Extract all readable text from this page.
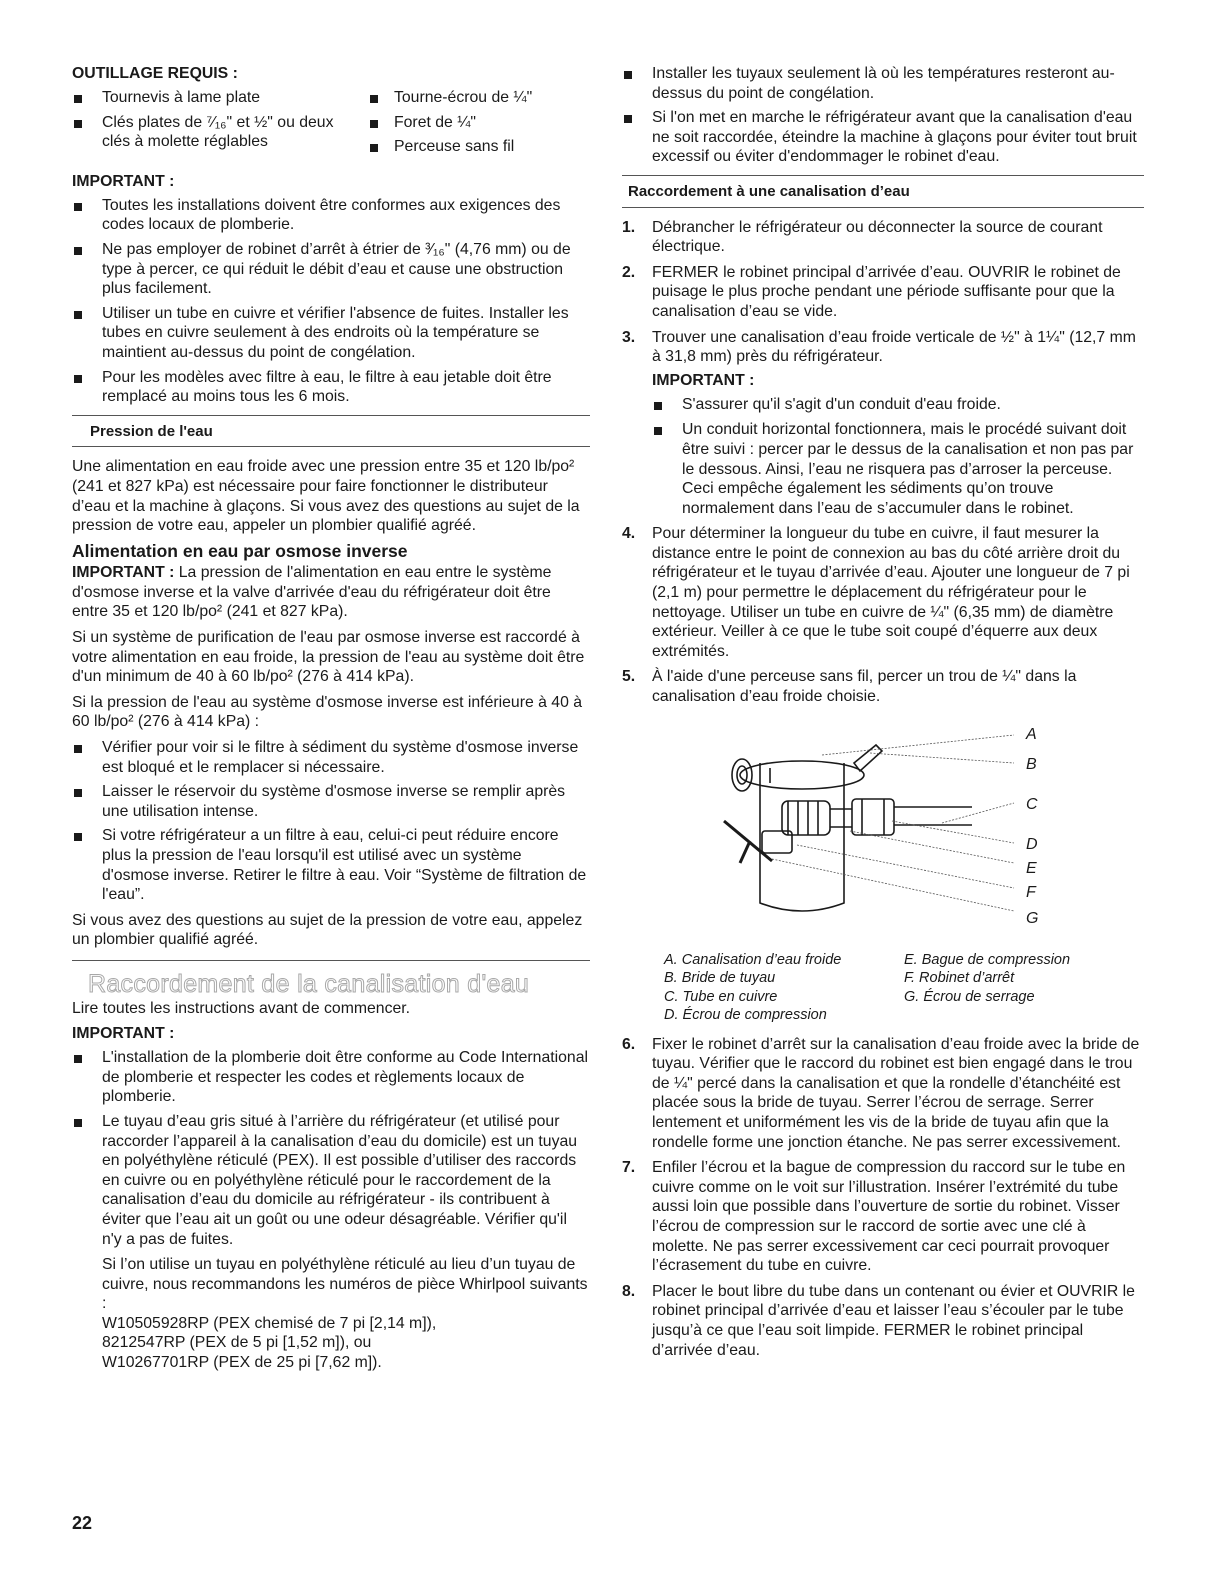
OUTILLAGE REQUIS :
Tournevis à lame plate
Clés plates de ⁷⁄₁₆" et ½" ou deux clés à molette réglables
Tourne-écrou de ¼"
Foret de ¼"
Perceuse sans fil
IMPORTANT :
Toutes les installations doivent être conformes aux exigences des codes locaux de plomberie.
Ne pas employer de robinet d’arrêt à étrier de ³⁄₁₆" (4,76 mm) ou de type à percer, ce qui réduit le débit d’eau et cause une obstruction plus facilement.
Utiliser un tube en cuivre et vérifier l'absence de fuites. Installer les tubes en cuivre seulement à des endroits où la température se maintient au-dessus du point de congélation.
Pour les modèles avec filtre à eau, le filtre à eau jetable doit être remplacé au moins tous les 6 mois.
Pression de l'eau

Une alimentation en eau froide avec une pression entre 35 et 120 lb/po² (241 et 827 kPa) est nécessaire pour faire fonctionner le distributeur d’eau et la machine à glaçons. Si vous avez des questions au sujet de la pression de votre eau, appeler un plombier qualifié agréé.

Alimentation en eau par osmose inverse

IMPORTANT : La pression de l'alimentation en eau entre le système d'osmose inverse et la valve d'arrivée d'eau du réfrigérateur doit être entre 35 et 120 lb/po² (241 et 827 kPa).

Si un système de purification de l'eau par osmose inverse est raccordé à votre alimentation en eau froide, la pression de l'eau au système doit être d'un minimum de 40 à 60 lb/po² (276 à 414 kPa).

Si la pression de l'eau au système d'osmose inverse est inférieure à 40 à 60 lb/po² (276 à 414 kPa) :

Vérifier pour voir si le filtre à sédiment du système d'osmose inverse est bloqué et le remplacer si nécessaire.
Laisser le réservoir du système d'osmose inverse se remplir après une utilisation intense.
Si votre réfrigérateur a un filtre à eau, celui-ci peut réduire encore plus la pression de l'eau lorsqu'il est utilisé avec un système d'osmose inverse. Retirer le filtre à eau. Voir “Système de filtration de l'eau”.

Si vous avez des questions au sujet de la pression de votre eau, appelez un plombier qualifié agréé.

Raccordement de la canalisation d'eau

Lire toutes les instructions avant de commencer.

IMPORTANT :
L'installation de la plomberie doit être conforme au Code International de plomberie et respecter les codes et règlements locaux de plomberie.
Le tuyau d’eau gris situé à l’arrière du réfrigérateur (et utilisé pour raccorder l’appareil à la canalisation d’eau du domicile) est un tuyau en polyéthylène réticulé (PEX). Il est possible d’utiliser des raccords en cuivre ou en polyéthylène réticulé pour le raccordement de la canalisation d’eau du domicile au réfrigérateur - ils contribuent à éviter que l’eau ait un goût ou une odeur désagréable. Vérifier qu'il n'y a pas de fuites.
Si l’on utilise un tuyau en polyéthylène réticulé au lieu d’un tuyau de cuivre, nous recommandons les numéros de pièce Whirlpool suivants :
W10505928RP (PEX chemisé de 7 pi [2,14 m]),
8212547RP (PEX de 5 pi [1,52 m]), ou
W10267701RP (PEX de 25 pi [7,62 m]).
Installer les tuyaux seulement là où les températures resteront au-dessus du point de congélation.
Si l'on met en marche le réfrigérateur avant que la canalisation d'eau ne soit raccordée, éteindre la machine à glaçons pour éviter tout bruit excessif ou éviter d'endommager le robinet d'eau.
Raccordement à une canalisation d’eau
1. Débrancher le réfrigérateur ou déconnecter la source de courant électrique.
2. FERMER le robinet principal d’arrivée d’eau. OUVRIR le robinet de puisage le plus proche pendant une période suffisante pour que la canalisation d’eau se vide.
3. Trouver une canalisation d’eau froide verticale de ½" à 1¼" (12,7 mm à 31,8 mm) près du réfrigérateur.
IMPORTANT :
S'assurer qu'il s'agit d'un conduit d'eau froide.
Un conduit horizontal fonctionnera, mais le procédé suivant doit être suivi : percer par le dessus de la canalisation et non pas par le dessous. Ainsi, l’eau ne risquera pas d’arroser la perceuse. Ceci empêche également les sédiments qu’on trouve normalement dans l’eau de s’accumuler dans le robinet.
4. Pour déterminer la longueur du tube en cuivre, il faut mesurer la distance entre le point de connexion au bas du côté arrière droit du réfrigérateur et le tuyau d’arrivée d’eau. Ajouter une longueur de 7 pi (2,1 m) pour permettre le déplacement du réfrigérateur pour le nettoyage. Utiliser un tube en cuivre de ¼" (6,35 mm) de diamètre extérieur. Veiller à ce que le tube soit coupé d’équerre aux deux extrémités.
5. À l'aide d'une perceuse sans fil, percer un trou de ¼" dans la canalisation d’eau froide choisie.
A
B
C
D
E
F
G
A. Canalisation d’eau froide
B. Bride de tuyau
C. Tube en cuivre
D. Écrou de compression
E. Bague de compression
F. Robinet d’arrêt
G. Écrou de serrage
6. Fixer le robinet d’arrêt sur la canalisation d’eau froide avec la bride de tuyau. Vérifier que le raccord du robinet est bien engagé dans le trou de ¼" percé dans la canalisation et que la rondelle d’étanchéité est placée sous la bride de tuyau. Serrer l’écrou de serrage. Serrer lentement et uniformément les vis de la bride de tuyau afin que la rondelle forme une jonction étanche. Ne pas serrer excessivement.
7. Enfiler l’écrou et la bague de compression du raccord sur le tube en cuivre comme on le voit sur l’illustration. Insérer l’extrémité du tube aussi loin que possible dans l’ouverture de sortie du robinet. Visser l’écrou de compression sur le raccord de sortie avec une clé à molette. Ne pas serrer excessivement car ceci pourrait provoquer l’écrasement du tube en cuivre.
8. Placer le bout libre du tube dans un contenant ou évier et OUVRIR le robinet principal d’arrivée d’eau et laisser l’eau s’écouler par le tube jusqu’à ce que l’eau soit limpide. FERMER le robinet principal d’arrivée d’eau.
22
